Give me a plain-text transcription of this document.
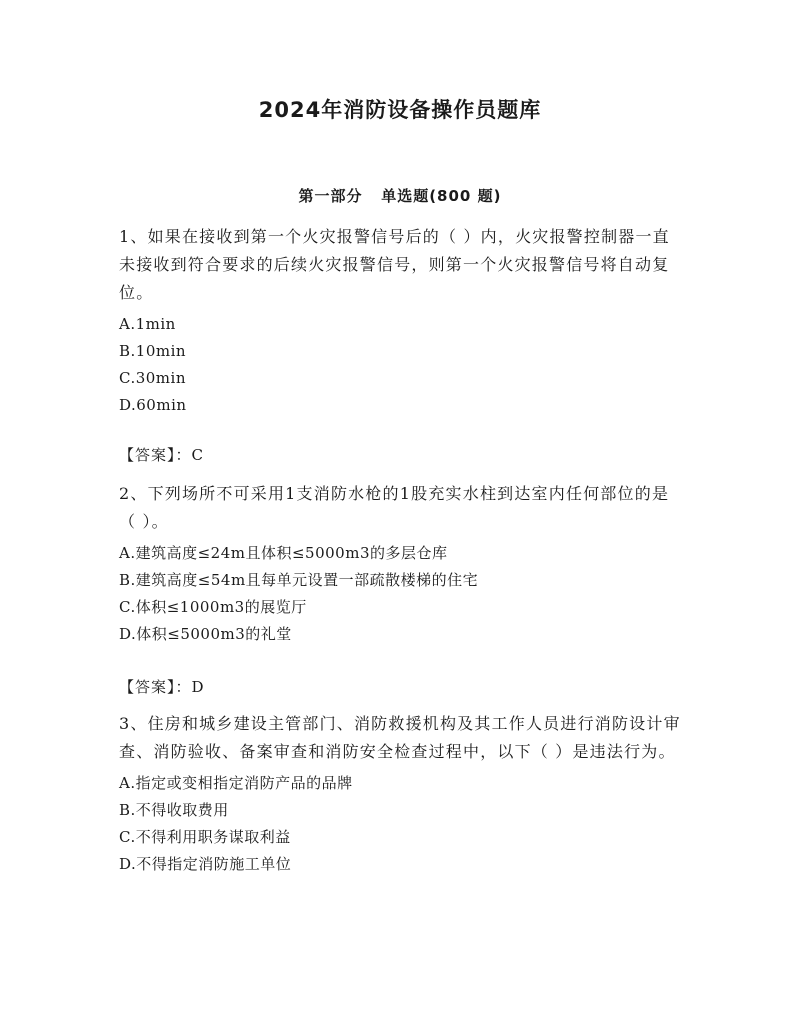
2024年消防设备操作员题库
第一部分   单选题(800 题)

1、如果在接收到第一个火灾报警信号后的（ ）内，火灾报警控制器一直未接收到符合要求的后续火灾报警信号，则第一个火灾报警信号将自动复位。

A.1min

B.10min

C.30min

D.60min

【答案】：C

2、下列场所不可采用1支消防水枪的1股充实水柱到达室内任何部位的是（ ）。

A.建筑高度≤24m且体积≤5000m3的多层仓库

B.建筑高度≤54m且每单元设置一部疏散楼梯的住宅

C.体积≤1000m3的展览厅

D.体积≤5000m3的礼堂

【答案】：D

3、住房和城乡建设主管部门、消防救援机构及其工作人员进行消防设计审查、消防验收、备案审查和消防安全检查过程中，以下（ ）是违法行为。

A.指定或变相指定消防产品的品牌

B.不得收取费用

C.不得利用职务谋取利益

D.不得指定消防施工单位
